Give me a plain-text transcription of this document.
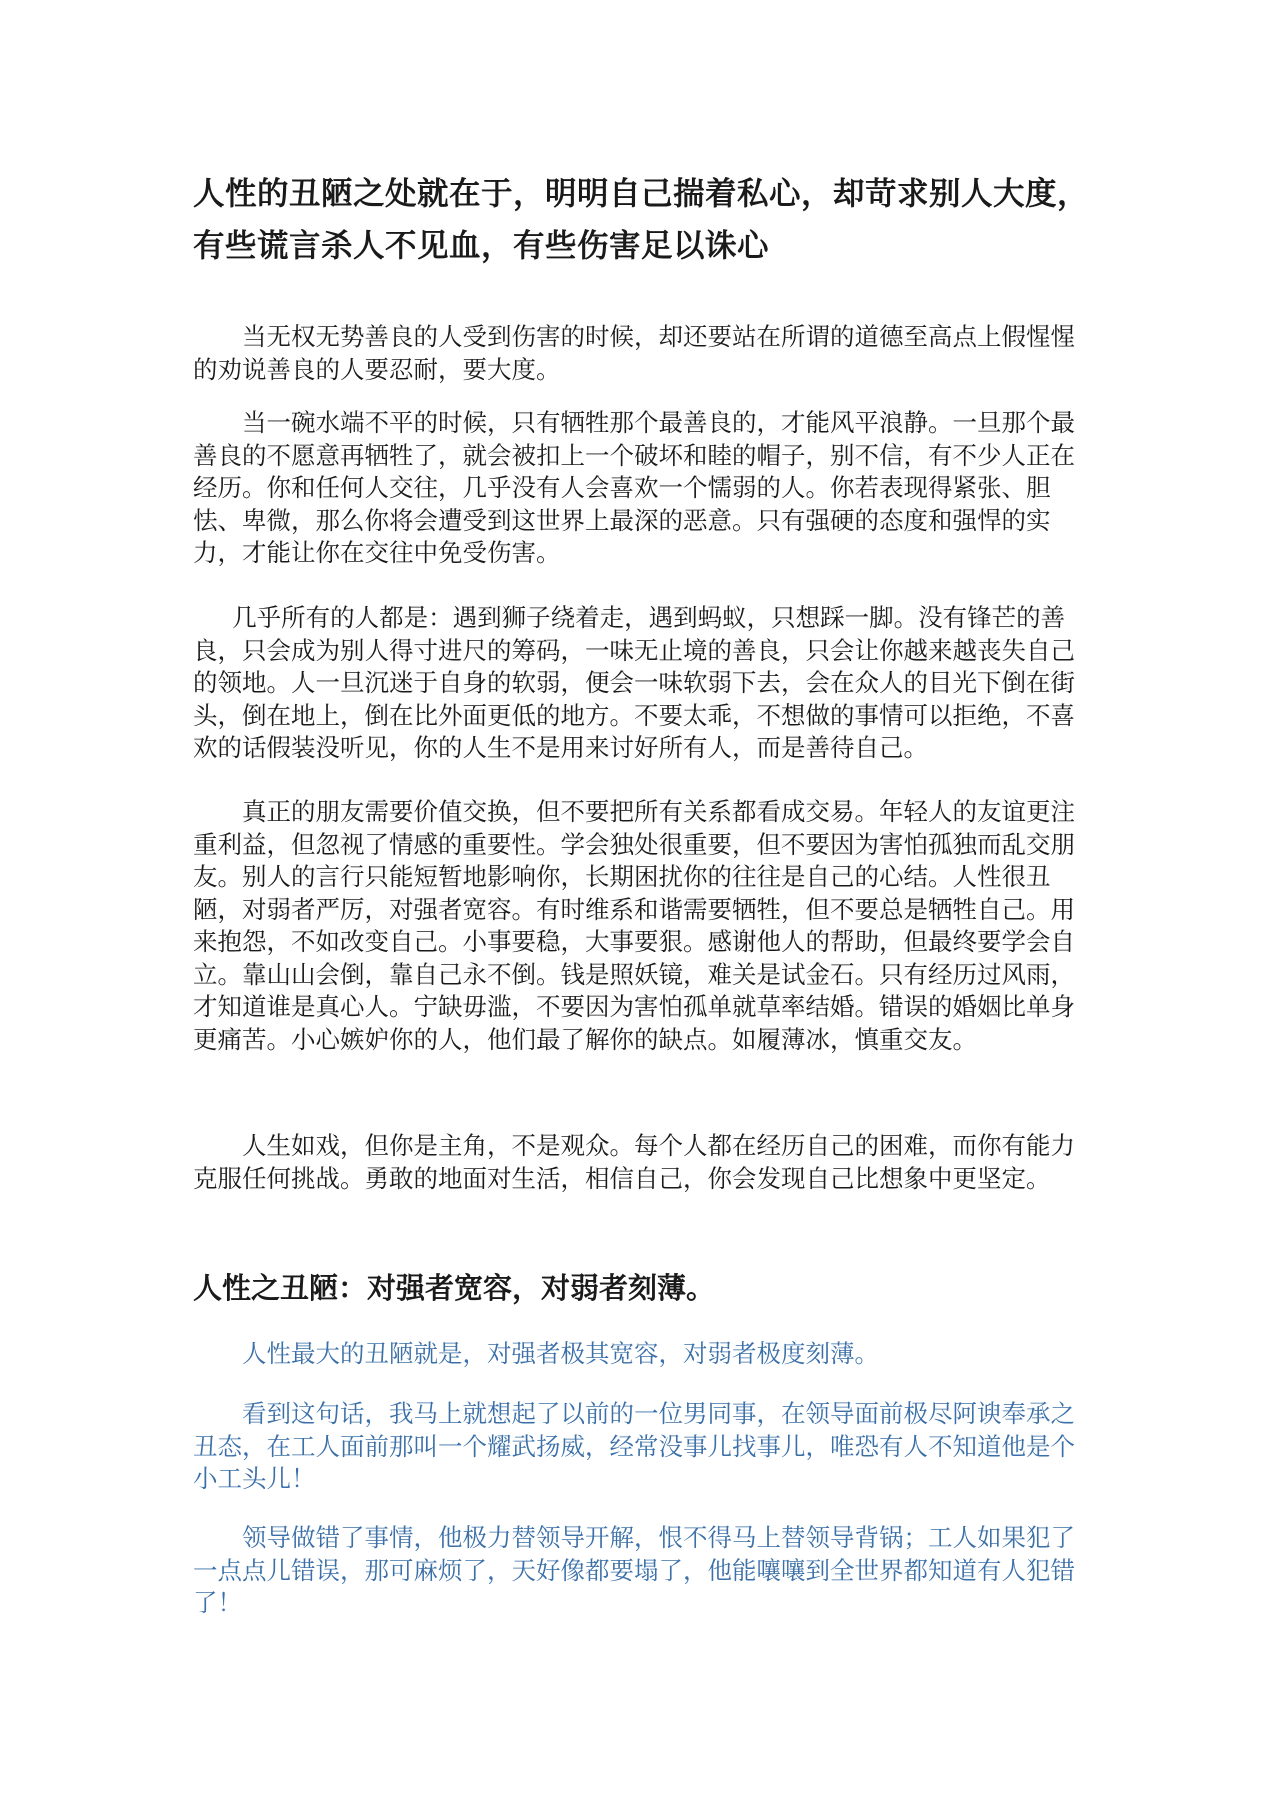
人性的丑陋之处就在于，明明自己揣着私心，却苛求别人大度，有些谎言杀人不见血，有些伤害足以诛心

当无权无势善良的人受到伤害的时候，却还要站在所谓的道德至高点上假惺惺的劝说善良的人要忍耐，要大度。

当一碗水端不平的时候，只有牺牲那个最善良的，才能风平浪静。一旦那个最善良的不愿意再牺牲了，就会被扣上一个破坏和睦的帽子，别不信，有不少人正在经历。你和任何人交往，几乎没有人会喜欢一个懦弱的人。你若表现得紧张、胆怯、卑微，那么你将会遭受到这世界上最深的恶意。只有强硬的态度和强悍的实力，才能让你在交往中免受伤害。

几乎所有的人都是：遇到狮子绕着走，遇到蚂蚁，只想踩一脚。没有锋芒的善良，只会成为别人得寸进尺的筹码，一味无止境的善良，只会让你越来越丧失自己的领地。人一旦沉迷于自身的软弱，便会一味软弱下去，会在众人的目光下倒在街头，倒在地上，倒在比外面更低的地方。不要太乖，不想做的事情可以拒绝，不喜欢的话假装没听见，你的人生不是用来讨好所有人，而是善待自己。

真正的朋友需要价值交换，但不要把所有关系都看成交易。年轻人的友谊更注重利益，但忽视了情感的重要性。学会独处很重要，但不要因为害怕孤独而乱交朋友。别人的言行只能短暂地影响你，长期困扰你的往往是自己的心结。人性很丑陋，对弱者严厉，对强者宽容。有时维系和谐需要牺牲，但不要总是牺牲自己。用来抱怨，不如改变自己。小事要稳，大事要狠。感谢他人的帮助，但最终要学会自立。靠山山会倒，靠自己永不倒。钱是照妖镜，难关是试金石。只有经历过风雨，才知道谁是真心人。宁缺毋滥，不要因为害怕孤单就草率结婚。错误的婚姻比单身更痛苦。小心嫉妒你的人，他们最了解你的缺点。如履薄冰，慎重交友。

人生如戏，但你是主角，不是观众。每个人都在经历自己的困难，而你有能力克服任何挑战。勇敢的地面对生活，相信自己，你会发现自己比想象中更坚定。

人性之丑陋：对强者宽容，对弱者刻薄。

人性最大的丑陋就是，对强者极其宽容，对弱者极度刻薄。

看到这句话，我马上就想起了以前的一位男同事，在领导面前极尽阿谀奉承之丑态，在工人面前那叫一个耀武扬威，经常没事儿找事儿，唯恐有人不知道他是个小工头儿！

领导做错了事情，他极力替领导开解，恨不得马上替领导背锅；工人如果犯了一点点儿错误，那可麻烦了，天好像都要塌了，他能嚷嚷到全世界都知道有人犯错了！
